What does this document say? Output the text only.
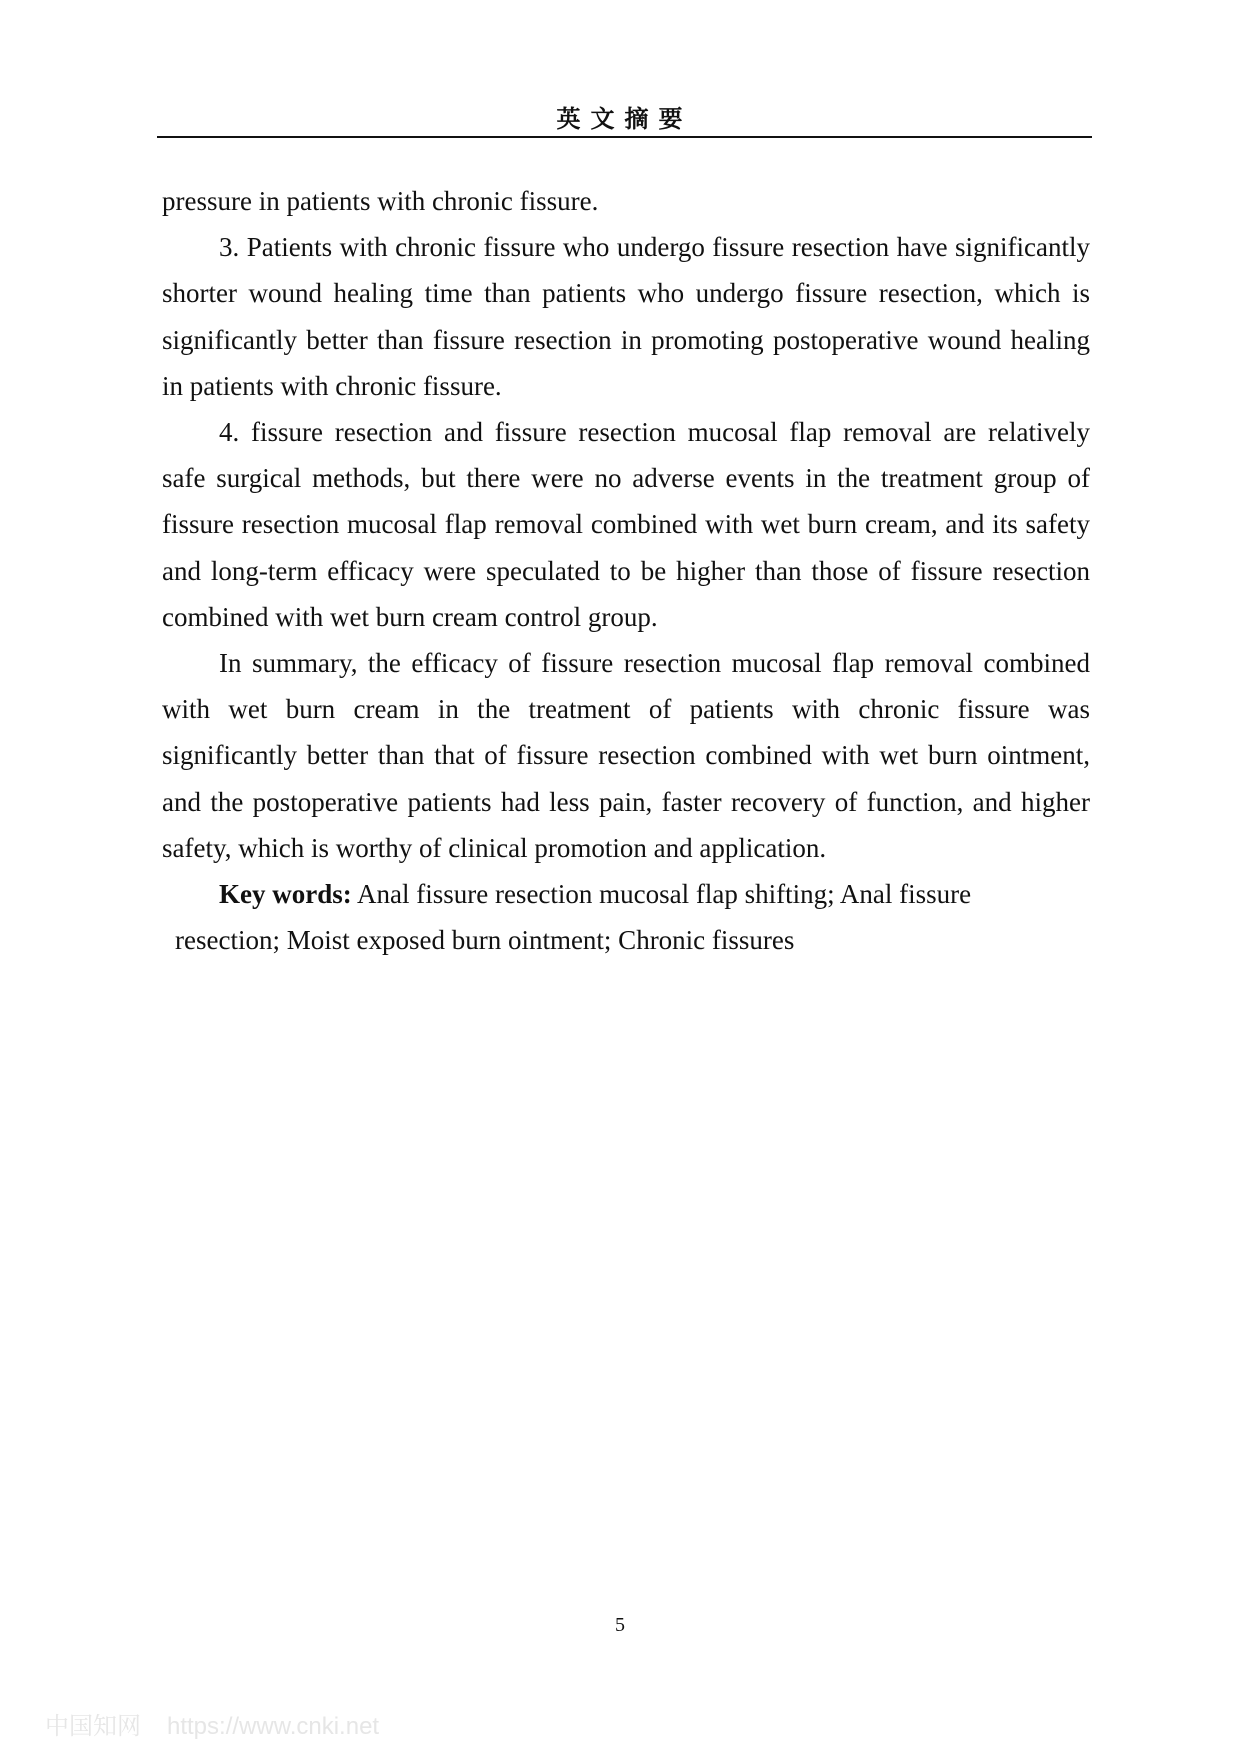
英文摘要

pressure in patients with chronic fissure.

3. Patients with chronic fissure who undergo fissure resection have significantly shorter wound healing time than patients who undergo fissure resection, which is significantly better than fissure resection in promoting postoperative wound healing in patients with chronic fissure.

4. fissure resection and fissure resection mucosal flap removal are relatively safe surgical methods, but there were no adverse events in the treatment group of fissure resection mucosal flap removal combined with wet burn cream, and its safety and long-term efficacy were speculated to be higher than those of fissure resection combined with wet burn cream control group.

In summary, the efficacy of fissure resection mucosal flap removal combined with wet burn cream in the treatment of patients with chronic fissure was significantly better than that of fissure resection combined with wet burn ointment, and the postoperative patients had less pain, faster recovery of function, and higher safety, which is worthy of clinical promotion and application.

Key words: Anal fissure resection mucosal flap shifting; Anal fissure

resection; Moist exposed burn ointment; Chronic fissures

5
中国知网 https://www.cnki.net
